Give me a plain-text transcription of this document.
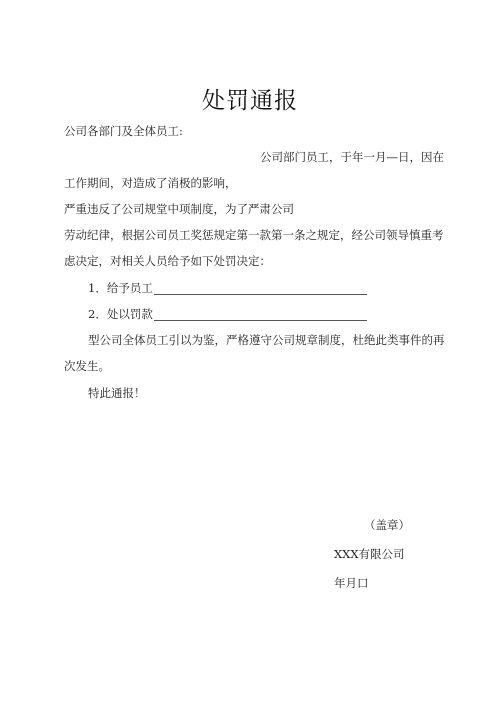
处罚通报
公司各部门及全体员工:
公司部门员工，于年一月—日，因在
工作期间，对造成了消极的影响，
严重违反了公司规堂中项制度，为了严肃公司
劳动纪律，根据公司员工奖惩规定第一款第一条之规定，经公司领导慎重考
虑决定，对相关人员给予如下处罚决定：
1．给予员工
2．处以罚款
型公司全体员工引以为鉴，严格遵守公司规章制度，杜绝此类事件的再
次发生。
特此通报！
（盖章）
XXX有限公司
年月口
